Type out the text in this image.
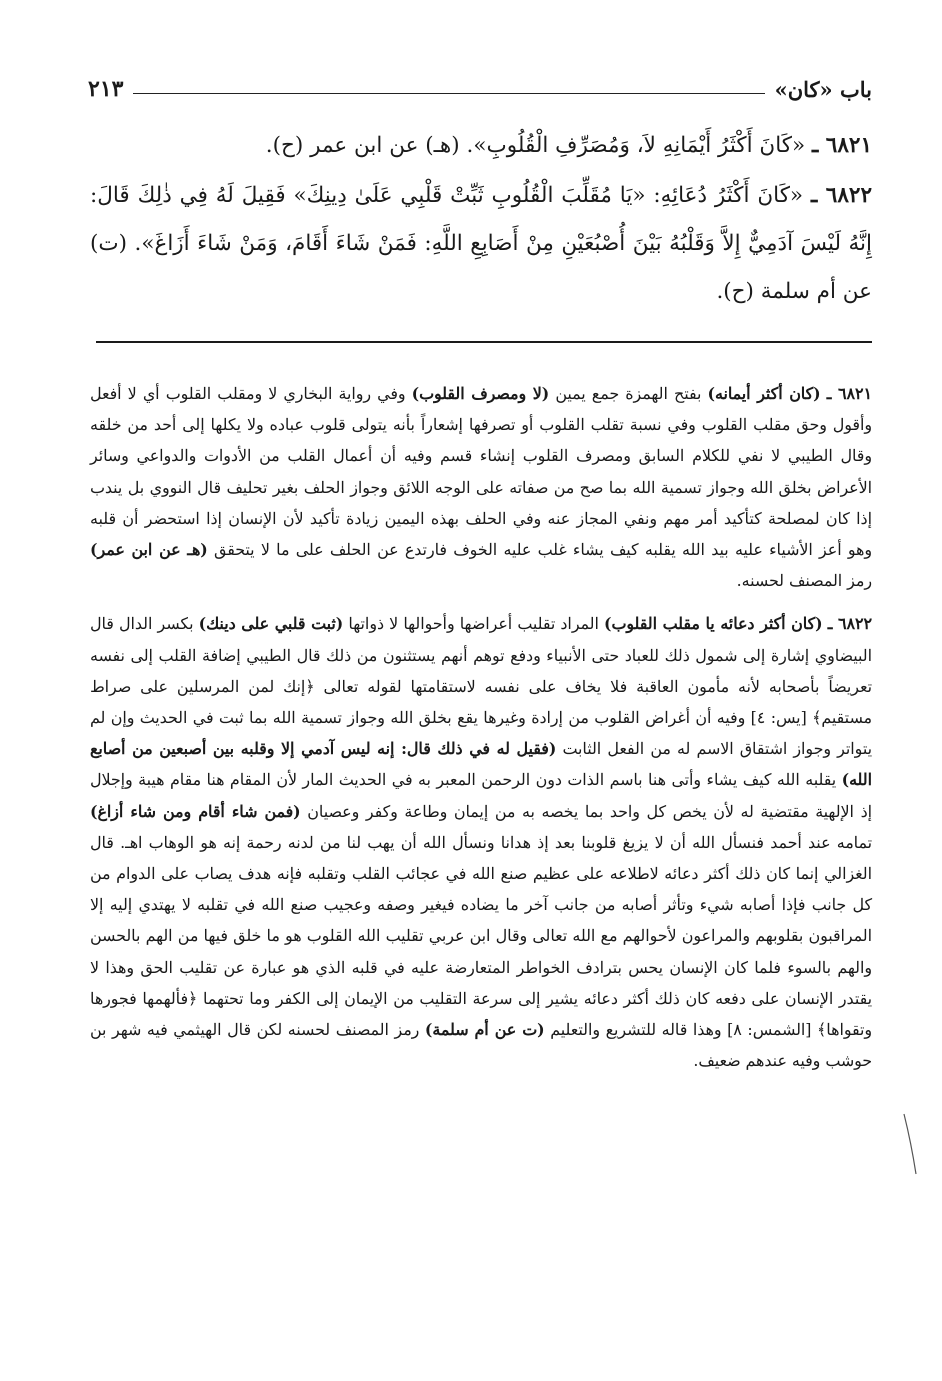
باب «كان»
٢١٣

٦٨٢١ ـ «كَانَ أَكْثَرُ أَيْمَانِهِ لاَ، وَمُصَرِّفِ الْقُلُوبِ». (هـ) عن ابن عمر (ح).

٦٨٢٢ ـ «كَانَ أَكْثَرُ دُعَائِهِ: «يَا مُقَلِّبَ الْقُلُوبِ ثَبِّتْ قَلْبِي عَلَىٰ دِينِكَ» فَقِيلَ لَهُ فِي ذٰلِكَ قَالَ: إِنَّهُ لَيْسَ آدَمِيٌّ إِلاَّ وَقَلْبُهُ بَيْنَ أُصْبُعَيْنِ مِنْ أَصَابِعِ اللَّهِ: فَمَنْ شَاءَ أَقَامَ، وَمَنْ شَاءَ أَزَاغَ». (ت) عن أم سلمة (ح).

٦٨٢١ ـ (كان أكثر أيمانه) بفتح الهمزة جمع يمين (لا ومصرف القلوب) وفي رواية البخاري لا ومقلب القلوب أي لا أفعل وأقول وحق مقلب القلوب وفي نسبة تقلب القلوب أو تصرفها إشعاراً بأنه يتولى قلوب عباده ولا يكلها إلى أحد من خلقه وقال الطيبي لا نفي للكلام السابق ومصرف القلوب إنشاء قسم وفيه أن أعمال القلب من الأدوات والدواعي وسائر الأعراض بخلق الله وجواز تسمية الله بما صح من صفاته على الوجه اللائق وجواز الحلف بغير تحليف قال النووي بل يندب إذا كان لمصلحة كتأكيد أمر مهم ونفي المجاز عنه وفي الحلف بهذه اليمين زيادة تأكيد لأن الإنسان إذا استحضر أن قلبه وهو أعز الأشياء عليه بيد الله يقلبه كيف يشاء غلب عليه الخوف فارتدع عن الحلف على ما لا يتحقق (هـ عن ابن عمر) رمز المصنف لحسنه.

٦٨٢٢ ـ (كان أكثر دعائه يا مقلب القلوب) المراد تقليب أعراضها وأحوالها لا ذواتها (ثبت قلبي على دينك) بكسر الدال قال البيضاوي إشارة إلى شمول ذلك للعباد حتى الأنبياء ودفع توهم أنهم يستثنون من ذلك قال الطيبي إضافة القلب إلى نفسه تعريضاً بأصحابه لأنه مأمون العاقبة فلا يخاف على نفسه لاستقامتها لقوله تعالى ﴿إنك لمن المرسلين على صراط مستقيم﴾ [يس: ٤] وفيه أن أغراض القلوب من إرادة وغيرها يقع بخلق الله وجواز تسمية الله بما ثبت في الحديث وإن لم يتواتر وجواز اشتقاق الاسم له من الفعل الثابت (فقيل له في ذلك قال: إنه ليس آدمي إلا وقلبه بين أصبعين من أصابع الله) يقلبه الله كيف يشاء وأتى هنا باسم الذات دون الرحمن المعبر به في الحديث المار لأن المقام هنا مقام هيبة وإجلال إذ الإلهية مقتضية له لأن يخص كل واحد بما يخصه به من إيمان وطاعة وكفر وعصيان (فمن شاء أقام ومن شاء أزاغ) تمامه عند أحمد فنسأل الله أن لا يزيغ قلوبنا بعد إذ هدانا ونسأل الله أن يهب لنا من لدنه رحمة إنه هو الوهاب اهـ. قال الغزالي إنما كان ذلك أكثر دعائه لاطلاعه على عظيم صنع الله في عجائب القلب وتقلبه فإنه هدف يصاب على الدوام من كل جانب فإذا أصابه شيء وتأثر أصابه من جانب آخر ما يضاده فيغير وصفه وعجيب صنع الله في تقلبه لا يهتدي إليه إلا المراقبون بقلوبهم والمراعون لأحوالهم مع الله تعالى وقال ابن عربي تقليب الله القلوب هو ما خلق فيها من الهم بالحسن والهم بالسوء فلما كان الإنسان يحس بترادف الخواطر المتعارضة عليه في قلبه الذي هو عبارة عن تقليب الحق وهذا لا يقتدر الإنسان على دفعه كان ذلك أكثر دعائه يشير إلى سرعة التقليب من الإيمان إلى الكفر وما تحتهما ﴿فألهمها فجورها وتقواها﴾ [الشمس: ٨] وهذا قاله للتشريع والتعليم (ت عن أم سلمة) رمز المصنف لحسنه لكن قال الهيثمي فيه شهر بن حوشب وفيه عندهم ضعيف.
